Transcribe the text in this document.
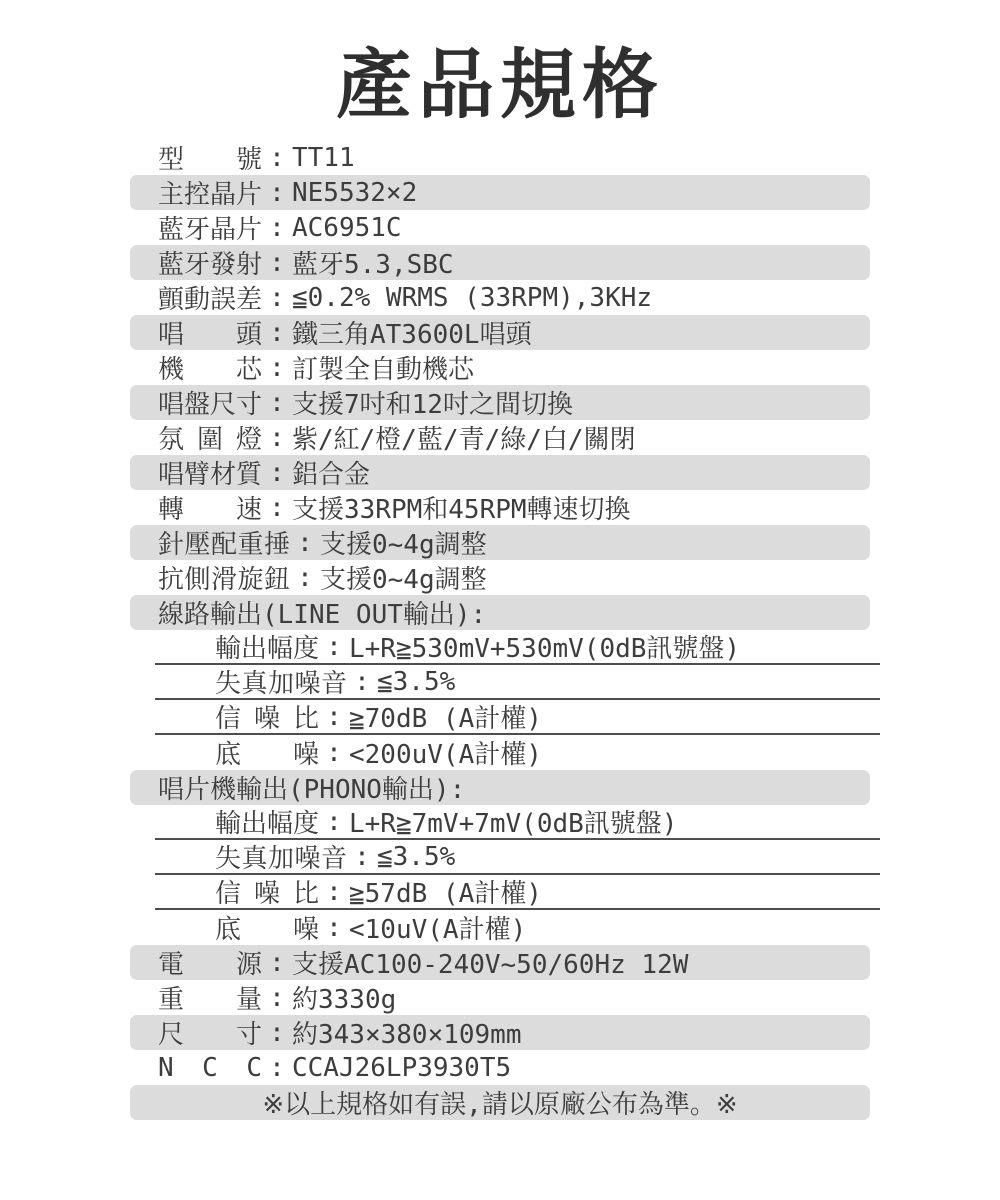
產品規格
型號 : TT11
主控晶片 : NE5532×2
藍牙晶片 : AC6951C
藍牙發射 : 藍牙5.3,SBC
顫動誤差 : ≦0.2% WRMS (33RPM),3KHz
唱頭 : 鐵三角AT3600L唱頭
機芯 : 訂製全自動機芯
唱盤尺寸 : 支援7吋和12吋之間切換
氛圍燈 : 紫/紅/橙/藍/青/綠/白/關閉
唱臂材質 : 鋁合金
轉速 : 支援33RPM和45RPM轉速切換
針壓配重捶 : 支援0~4g調整
抗側滑旋鈕 : 支援0~4g調整
線路輸出(LINE OUT輸出):
輸出幅度 : L+R≧530mV+530mV(0dB訊號盤)
失真加噪音 : ≦3.5%
信噪比 : ≧70dB (A計權)
底噪 : <200uV(A計權)
唱片機輸出(PHONO輸出):
輸出幅度 : L+R≧7mV+7mV(0dB訊號盤)
失真加噪音 : ≦3.5%
信噪比 : ≧57dB (A計權)
底噪 : <10uV(A計權)
電源 : 支援AC100-240V~50/60Hz 12W
重量 : 約3330g
尺寸 : 約343×380×109mm
N C C : CCAJ26LP3930T5
※以上規格如有誤,請以原廠公布為準。※
